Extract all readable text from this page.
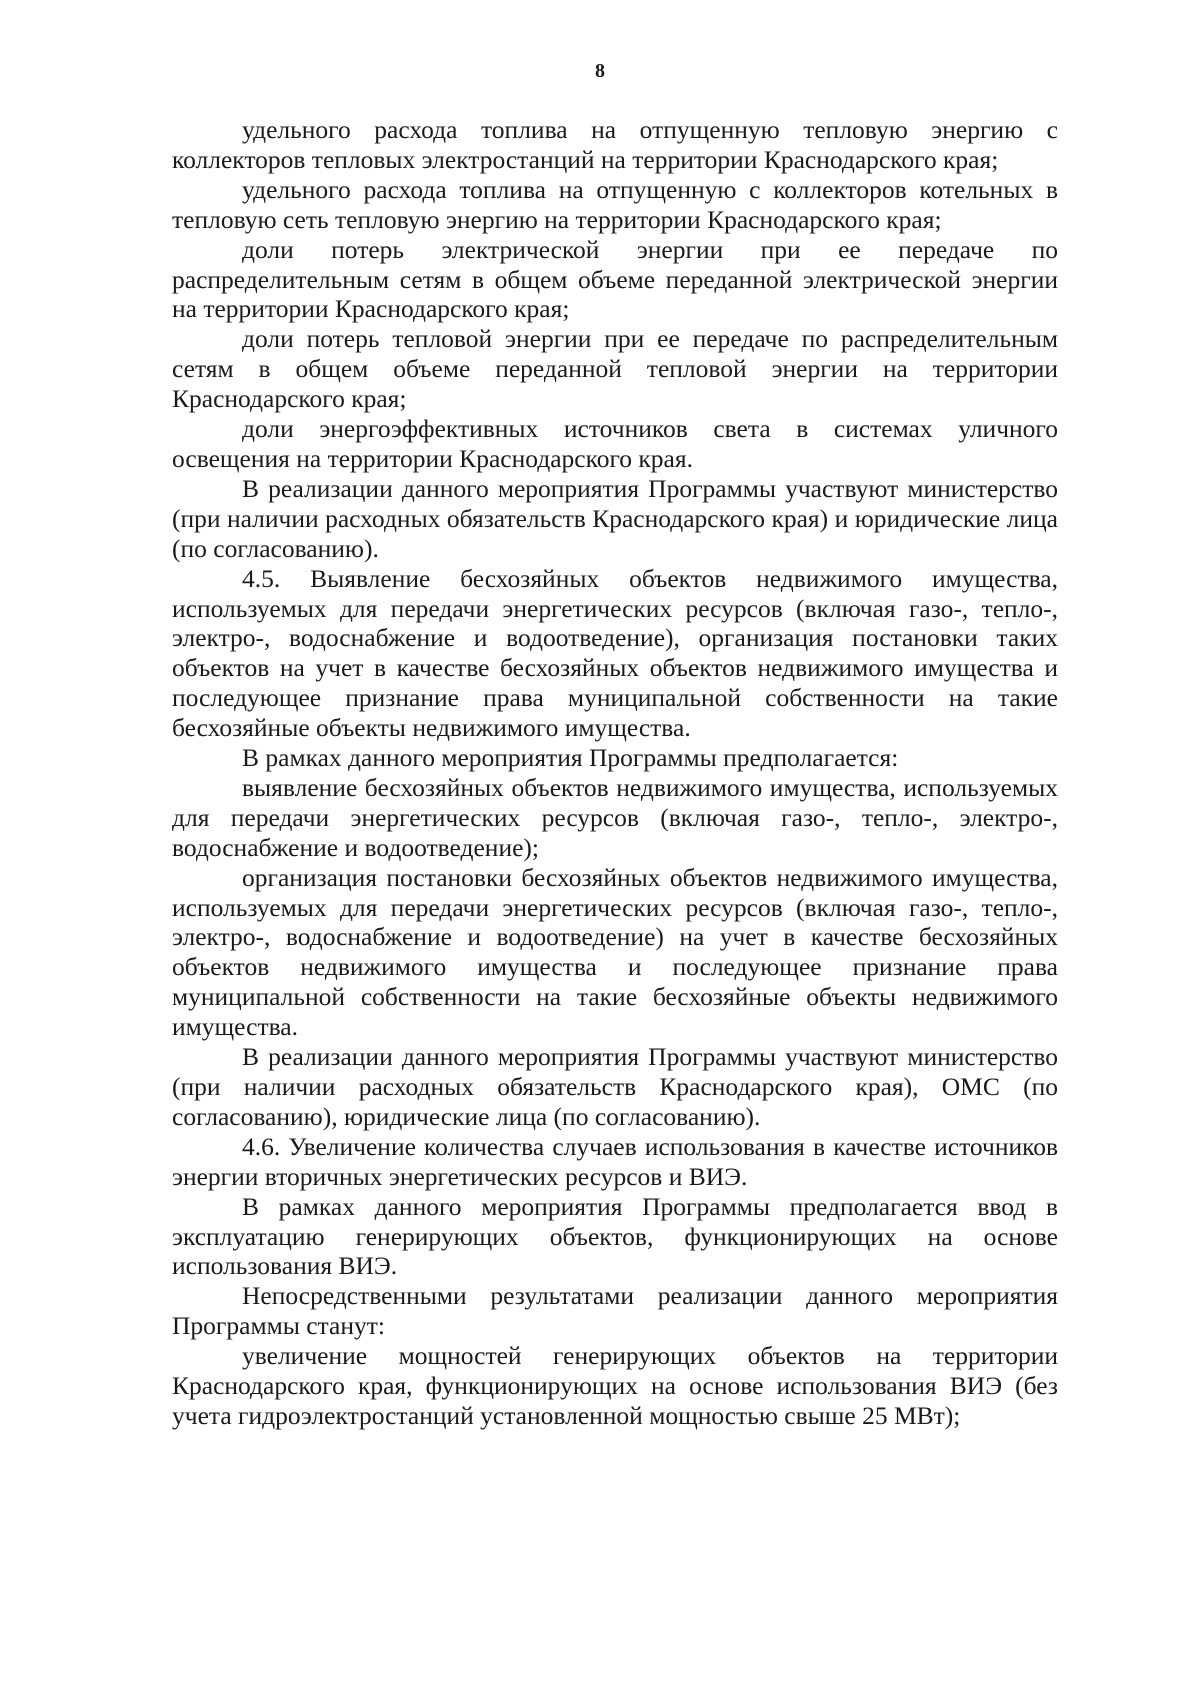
8

удельного расхода топлива на отпущенную тепловую энергию с коллекторов тепловых электростанций на территории Краснодарского края;

удельного расхода топлива на отпущенную с коллекторов котельных в тепловую сеть тепловую энергию на территории Краснодарского края;

доли потерь электрической энергии при ее передаче по распределительным сетям в общем объеме переданной электрической энергии на территории Краснодарского края;

доли потерь тепловой энергии при ее передаче по распределительным сетям в общем объеме переданной тепловой энергии на территории Краснодарского края;

доли энергоэффективных источников света в системах уличного освещения на территории Краснодарского края.

В реализации данного мероприятия Программы участвуют министерство (при наличии расходных обязательств Краснодарского края) и юридические лица (по согласованию).

4.5. Выявление бесхозяйных объектов недвижимого имущества, используемых для передачи энергетических ресурсов (включая газо-, тепло-, электро-, водоснабжение и водоотведение), организация постановки таких объектов на учет в качестве бесхозяйных объектов недвижимого имущества и последующее признание права муниципальной собственности на такие бесхозяйные объекты недвижимого имущества.

В рамках данного мероприятия Программы предполагается:

выявление бесхозяйных объектов недвижимого имущества, используемых для передачи энергетических ресурсов (включая газо-, тепло-, электро-, водоснабжение и водоотведение);

организация постановки бесхозяйных объектов недвижимого имущества, используемых для передачи энергетических ресурсов (включая газо-, тепло-, электро-, водоснабжение и водоотведение) на учет в качестве бесхозяйных объектов недвижимого имущества и последующее признание права муниципальной собственности на такие бесхозяйные объекты недвижимого имущества.

В реализации данного мероприятия Программы участвуют министерство (при наличии расходных обязательств Краснодарского края), ОМС (по согласованию), юридические лица (по согласованию).

4.6. Увеличение количества случаев использования в качестве источников энергии вторичных энергетических ресурсов и ВИЭ.

В рамках данного мероприятия Программы предполагается ввод в эксплуатацию генерирующих объектов, функционирующих на основе использования ВИЭ.

Непосредственными результатами реализации данного мероприятия Программы станут:

увеличение мощностей генерирующих объектов на территории Краснодарского края, функционирующих на основе использования ВИЭ (без учета гидроэлектростанций установленной мощностью свыше 25 МВт);
